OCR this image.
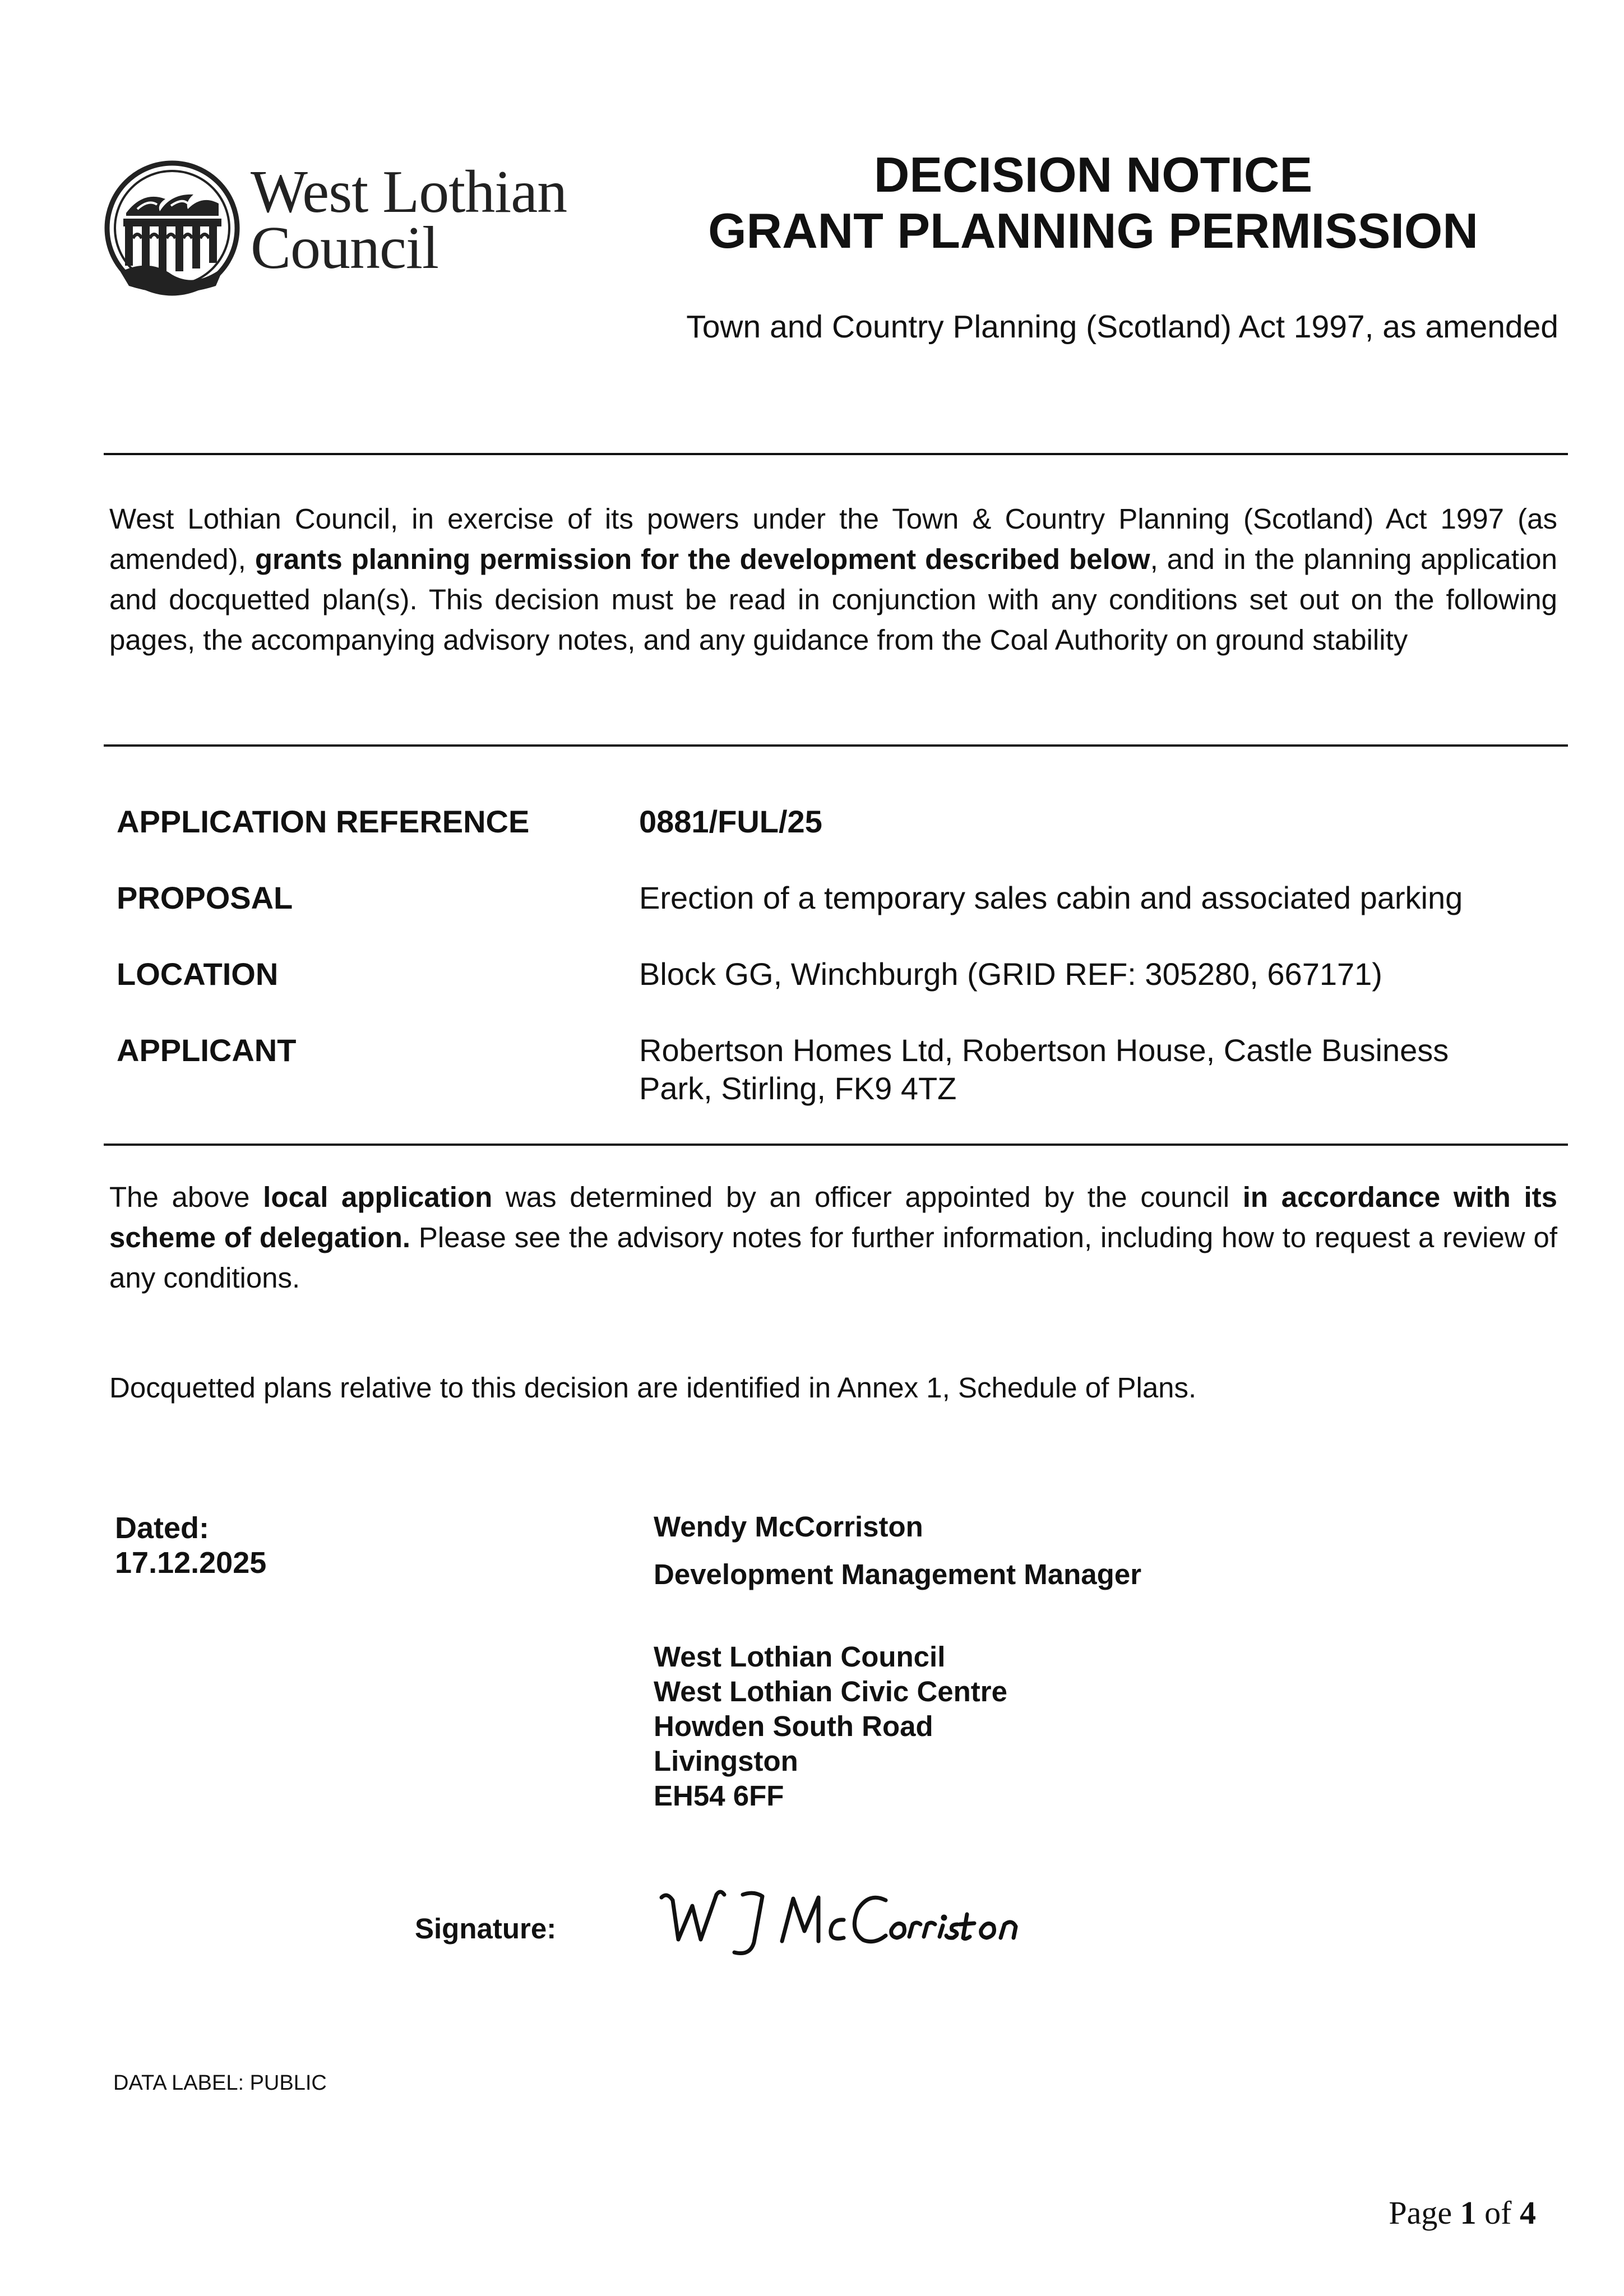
West Lothian
Council
DECISION NOTICE
GRANT PLANNING PERMISSION
Town and Country Planning (Scotland) Act 1997, as amended
West Lothian Council, in exercise of its powers under the Town & Country Planning (Scotland) Act 1997 (as amended), grants planning permission for the development described below, and in the planning application and docquetted plan(s). This decision must be read in conjunction with any conditions set out on the following pages, the accompanying advisory notes, and any guidance from the Coal Authority on ground stability
APPLICATION REFERENCE	0881/FUL/25
PROPOSAL	Erection of a temporary sales cabin and associated parking
LOCATION	Block GG, Winchburgh (GRID REF: 305280, 667171)
APPLICANT	Robertson Homes Ltd, Robertson House, Castle Business
Park, Stirling, FK9 4TZ
The above local application was determined by an officer appointed by the council in accordance with its scheme of delegation. Please see the advisory notes for further information, including how to request a review of any conditions.
Docquetted plans relative to this decision are identified in Annex 1, Schedule of Plans.
Dated:
17.12.2025
Wendy McCorriston
Development Management Manager
West Lothian Council
West Lothian Civic Centre
Howden South Road
Livingston
EH54 6FF
Signature:
DATA LABEL: PUBLIC
Page 1 of 4
